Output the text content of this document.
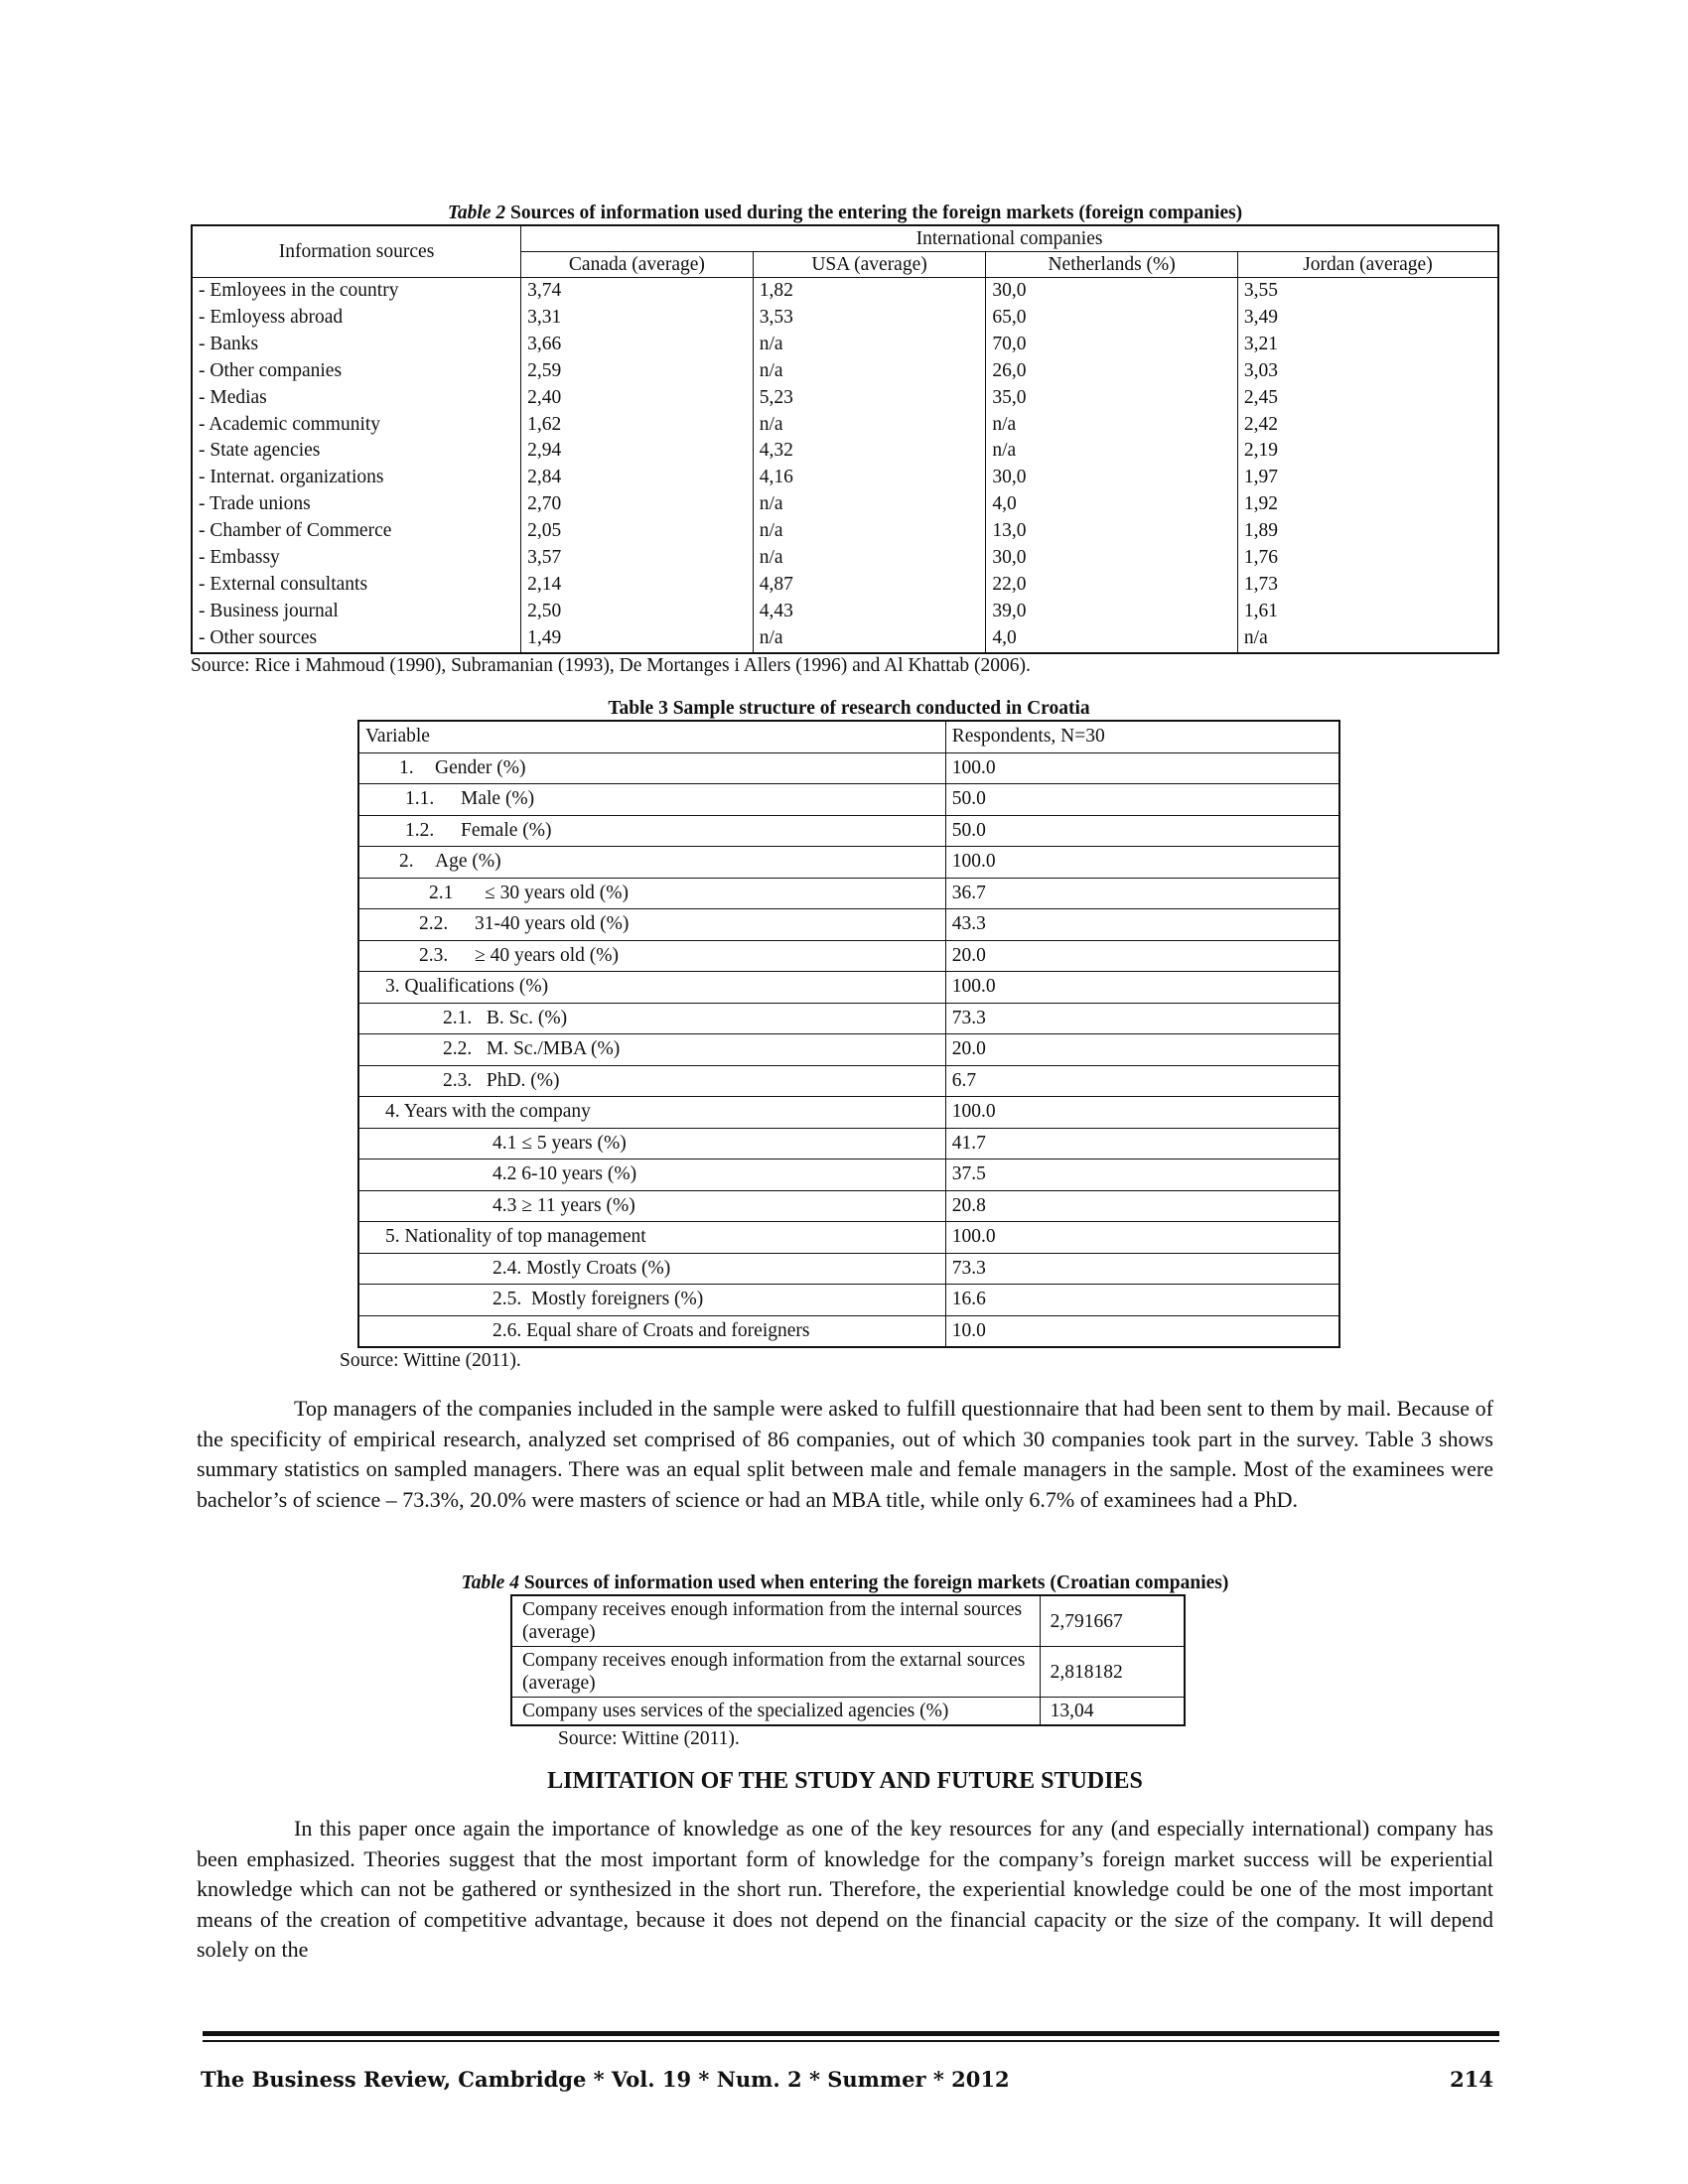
Table 2 Sources of information used during the entering the foreign markets (foreign companies)
Information sources	International companies			
	Canada (average)	USA (average)	Netherlands (%)	Jordan (average)
- Emloyees in the country	3,74	1,82	30,0	3,55
- Emloyess abroad	3,31	3,53	65,0	3,49
- Banks	3,66	n/a	70,0	3,21
- Other companies	2,59	n/a	26,0	3,03
- Medias	2,40	5,23	35,0	2,45
- Academic community	1,62	n/a	n/a	2,42
- State agencies	2,94	4,32	n/a	2,19
- Internat. organizations	2,84	4,16	30,0	1,97
- Trade unions	2,70	n/a	4,0	1,92
- Chamber of Commerce	2,05	n/a	13,0	1,89
- Embassy	3,57	n/a	30,0	1,76
- External consultants	2,14	4,87	22,0	1,73
- Business journal	2,50	4,43	39,0	1,61
- Other sources	1,49	n/a	4,0	n/a
Source: Rice i Mahmoud (1990), Subramanian (1993), De Mortanges i Allers (1996) and Al Khattab (2006).
Table 3 Sample structure of research conducted in Croatia
Variable	Respondents, N=30
1. Gender (%)	100.0
1.1. Male (%)	50.0
1.2. Female (%)	50.0
2. Age (%)	100.0
2.1 ≤ 30 years old (%)	36.7
2.2. 31-40 years old (%)	43.3
2.3. ≥ 40 years old (%)	20.0
3. Qualifications (%)	100.0
2.1.   B. Sc. (%)	73.3
2.2.   M. Sc./MBA (%)	20.0
2.3.   PhD. (%)	6.7
4. Years with the company	100.0
4.1 ≤ 5 years (%)	41.7
4.2 6-10 years (%)	37.5
4.3 ≥ 11 years (%)	20.8
5. Nationality of top management	100.0
2.4. Mostly Croats (%)	73.3
2.5.  Mostly foreigners (%)	16.6
2.6. Equal share of Croats and foreigners	10.0
Source: Wittine (2011).
Top managers of the companies included in the sample were asked to fulfill questionnaire that had been sent to them by mail. Because of the specificity of empirical research, analyzed set comprised of 86 companies, out of which 30 companies took part in the survey. Table 3 shows summary statistics on sampled managers. There was an equal split between male and female managers in the sample. Most of the examinees were bachelor’s of science – 73.3%, 20.0% were masters of science or had an MBA title, while only 6.7% of examinees had a PhD.
Table 4 Sources of information used when entering the foreign markets (Croatian companies)
Company receives enough information from the internal sources (average)	2,791667
Company receives enough information from the extarnal sources (average)	2,818182
Company uses services of the specialized agencies (%)	13,04
Source: Wittine (2011).
LIMITATION OF THE STUDY AND FUTURE STUDIES
In this paper once again the importance of knowledge as one of the key resources for any (and especially international) company has been emphasized. Theories suggest that the most important form of knowledge for the company’s foreign market success will be experiential knowledge which can not be gathered or synthesized in the short run. Therefore, the experiential knowledge could be one of the most important means of the creation of competitive advantage, because it does not depend on the financial capacity or the size of the company. It will depend solely on the
The Business Review, Cambridge * Vol. 19 * Num. 2 * Summer * 2012	214
